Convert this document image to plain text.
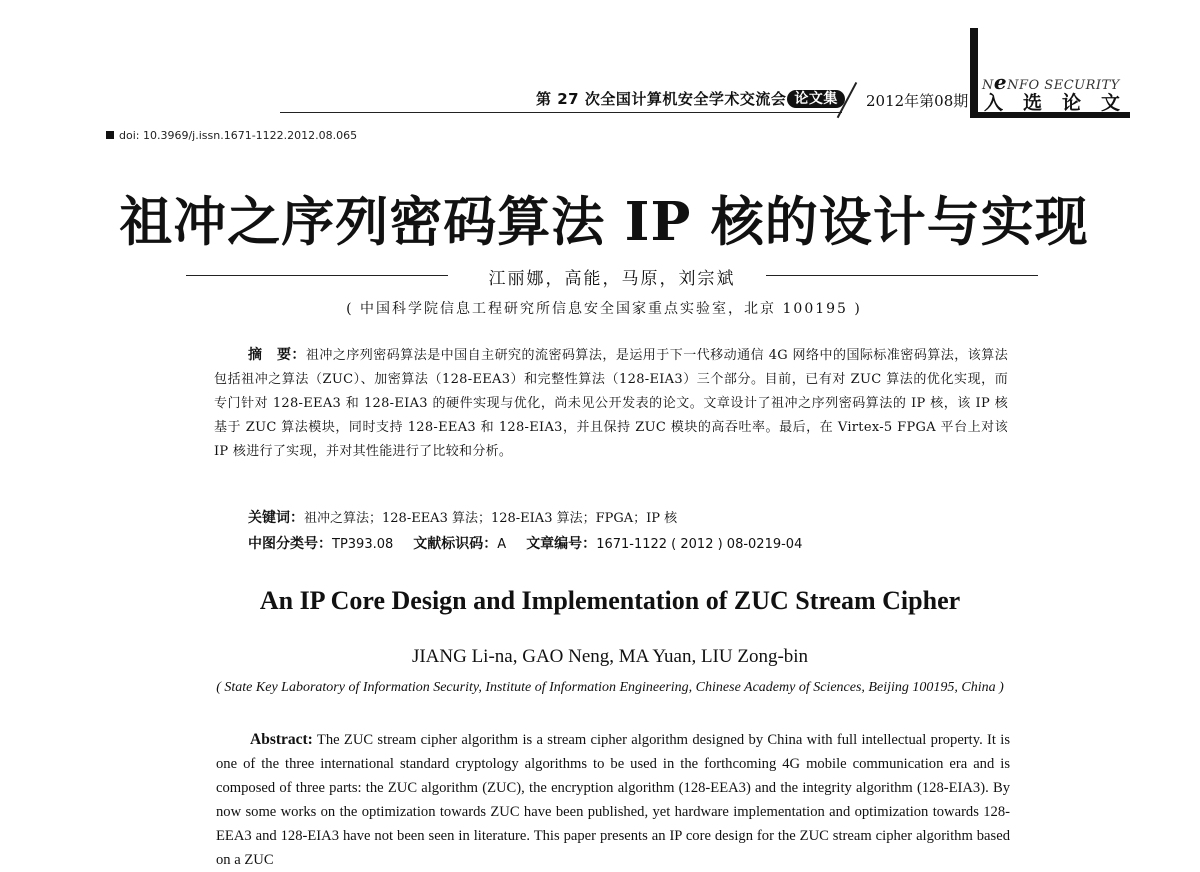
第 27 次全国计算机安全学术交流会 论文集	2012年第08期
NeNFO SECURITY
入选论文
doi: 10.3969/j.issn.1671-1122.2012.08.065
祖冲之序列密码算法 IP 核的设计与实现
江丽娜，高能，马原，刘宗斌
( 中国科学院信息工程研究所信息安全国家重点实验室，北京 100195 )

摘　要：祖冲之序列密码算法是中国自主研究的流密码算法，是运用于下一代移动通信 4G 网络中的国际标准密码算法，该算法包括祖冲之算法（ZUC）、加密算法（128-EEA3）和完整性算法（128-EIA3）三个部分。目前，已有对 ZUC 算法的优化实现，而专门针对 128-EEA3 和 128-EIA3 的硬件实现与优化，尚未见公开发表的论文。文章设计了祖冲之序列密码算法的 IP 核，该 IP 核基于 ZUC 算法模块，同时支持 128-EEA3 和 128-EIA3，并且保持 ZUC 模块的高吞吐率。最后，在 Virtex-5 FPGA 平台上对该 IP 核进行了实现，并对其性能进行了比较和分析。

关键词：祖冲之算法；128-EEA3 算法；128-EIA3 算法；FPGA；IP 核
中图分类号：TP393.08 文献标识码：A 文章编号：1671-1122 ( 2012 ) 08-0219-04
An IP Core Design and Implementation of ZUC Stream Cipher
JIANG Li-na, GAO Neng, MA Yuan, LIU Zong-bin
( State Key Laboratory of Information Security, Institute of Information Engineering, Chinese Academy of Sciences, Beijing 100195, China )

Abstract: The ZUC stream cipher algorithm is a stream cipher algorithm designed by China with full intellectual property. It is one of the three international standard cryptology algorithms to be used in the forthcoming 4G mobile communication era and is composed of three parts: the ZUC algorithm (ZUC), the encryption algorithm (128-EEA3) and the integrity algorithm (128-EIA3). By now some works on the optimization towards ZUC have been published, yet hardware implementation and optimization towards 128-EEA3 and 128-EIA3 have not been seen in literature. This paper presents an IP core design for the ZUC stream cipher algorithm based on a ZUC
